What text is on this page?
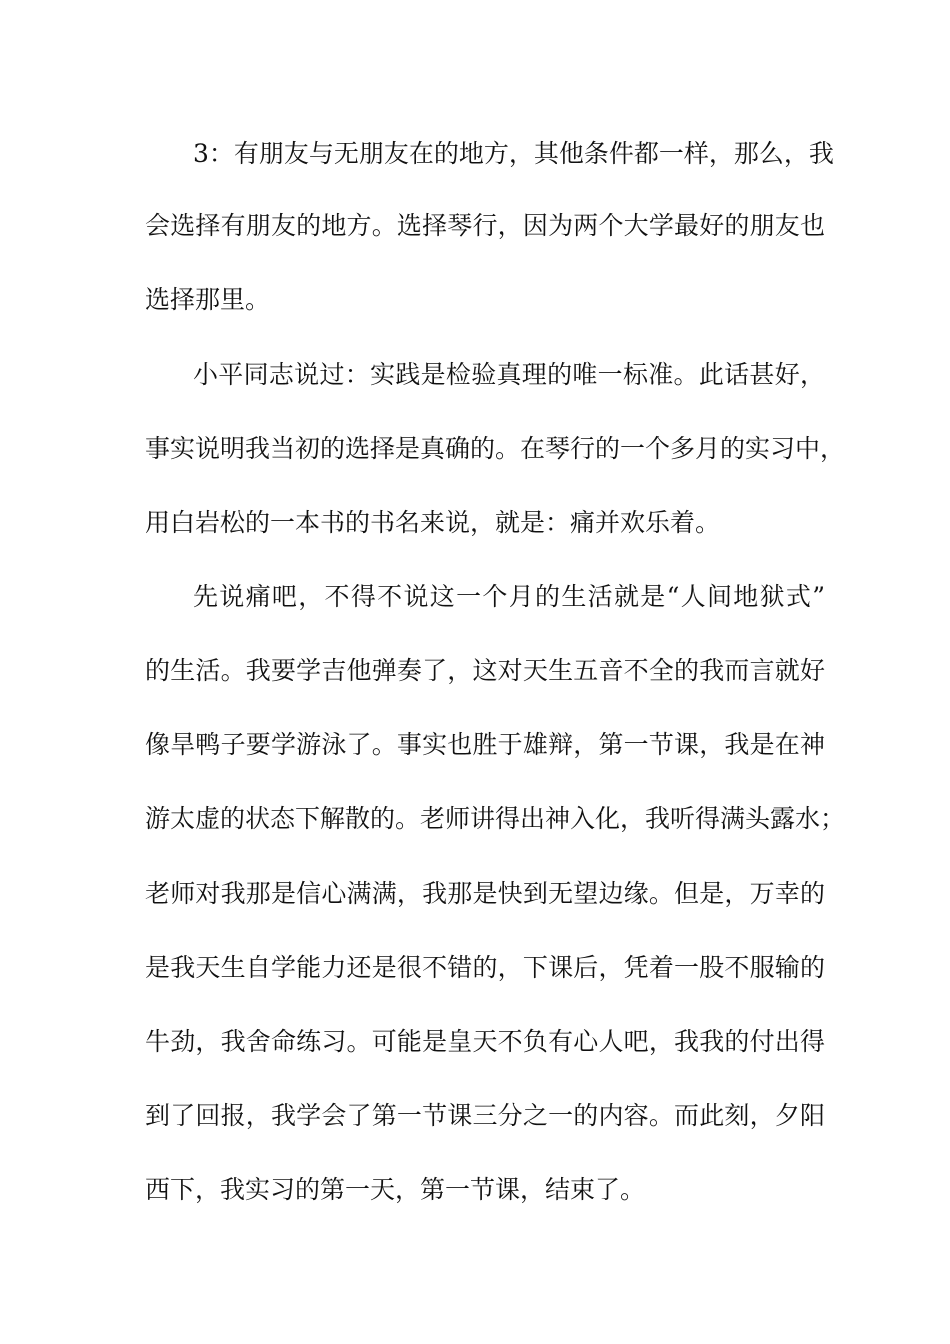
3：有朋友与无朋友在的地方，其他条件都一样，那么，我
会选择有朋友的地方。选择琴行，因为两个大学最好的朋友也
选择那里。
小平同志说过：实践是检验真理的唯一标准。此话甚好，
事实说明我当初的选择是真确的。在琴行的一个多月的实习中，
用白岩松的一本书的书名来说，就是：痛并欢乐着。
先说痛吧，不得不说这一个月的生活就是“人间地狱式”
的生活。我要学吉他弹奏了，这对天生五音不全的我而言就好
像旱鸭子要学游泳了。事实也胜于雄辩，第一节课，我是在神
游太虚的状态下解散的。老师讲得出神入化，我听得满头露水；
老师对我那是信心满满，我那是快到无望边缘。但是，万幸的
是我天生自学能力还是很不错的，下课后，凭着一股不服输的
牛劲，我舍命练习。可能是皇天不负有心人吧，我我的付出得
到了回报，我学会了第一节课三分之一的内容。而此刻，夕阳
西下，我实习的第一天，第一节课，结束了。
